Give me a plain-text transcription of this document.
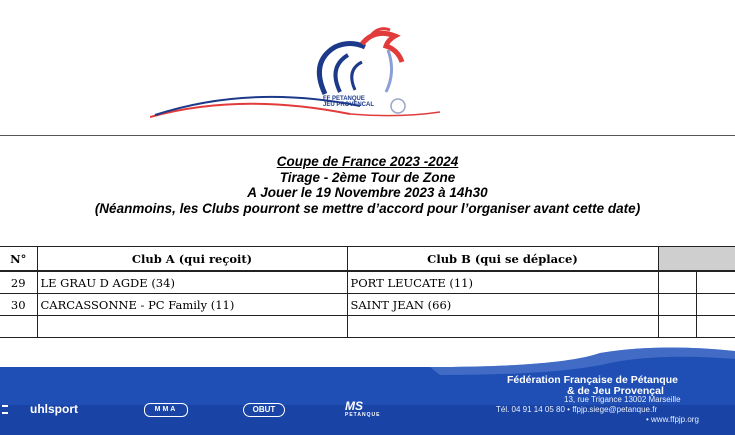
FF PETANQUE
JEU PROVENCAL
Coupe de France 2023 -2024
Tirage - 2ème Tour de Zone
A Jouer le 19 Novembre 2023 à 14h30
(Néanmoins, les Clubs pourront se mettre d’accord pour l’organiser avant cette date)
N°	Club A (qui reçoit)	Club B (qui se déplace)		
29	LE GRAU D AGDE (34)	PORT LEUCATE (11)		
30	CARCASSONNE - PC Family (11)	SAINT JEAN (66)		

Fédération Française de Pétanque
& de Jeu Provençal
13, rue Trigance 13002 Marseille
Tél. 04 91 14 05 80 • ffpjp.siege@petanque.fr
• www.ffpjp.org
uhlsport	MMA	OBUT	MS
PETANQUE
